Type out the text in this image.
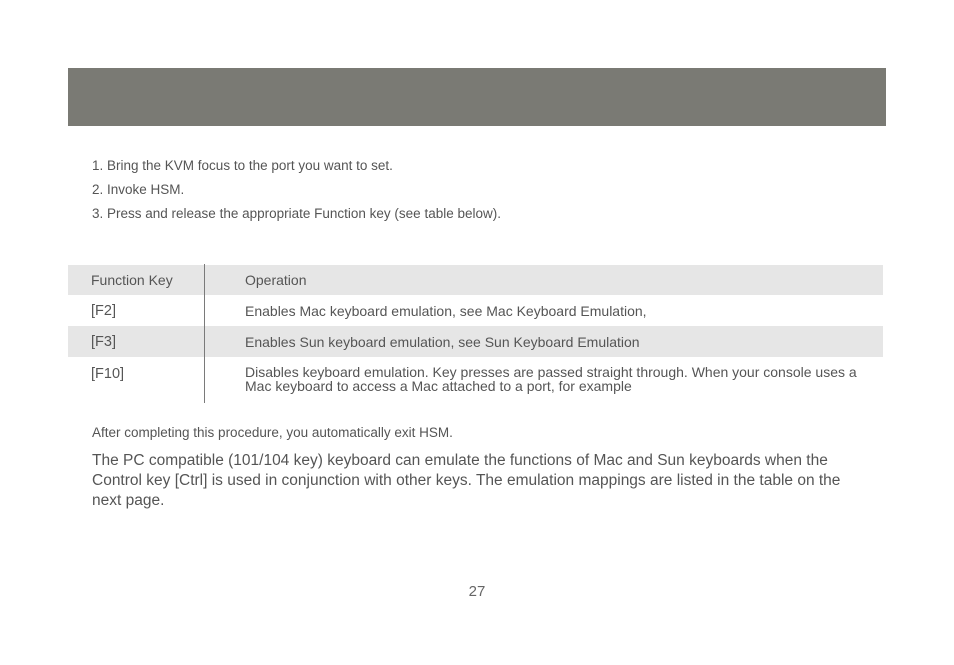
1. Bring the KVM focus to the port you want to set.
2. Invoke HSM.
3. Press and release the appropriate Function key (see table below).
Function Key	Operation
[F2]	Enables Mac keyboard emulation, see Mac Keyboard Emulation,
[F3]	Enables Sun keyboard emulation, see Sun Keyboard Emulation
[F10]	Disables keyboard emulation. Key presses are passed straight through. When your console uses a Mac keyboard to access a Mac attached to a port, for example

After completing this procedure, you automatically exit HSM.

The PC compatible (101/104 key) keyboard can emulate the functions of Mac and Sun keyboards when the Control key [Ctrl] is used in conjunction with other keys. The emulation mappings are listed in the table on the next page.

27
